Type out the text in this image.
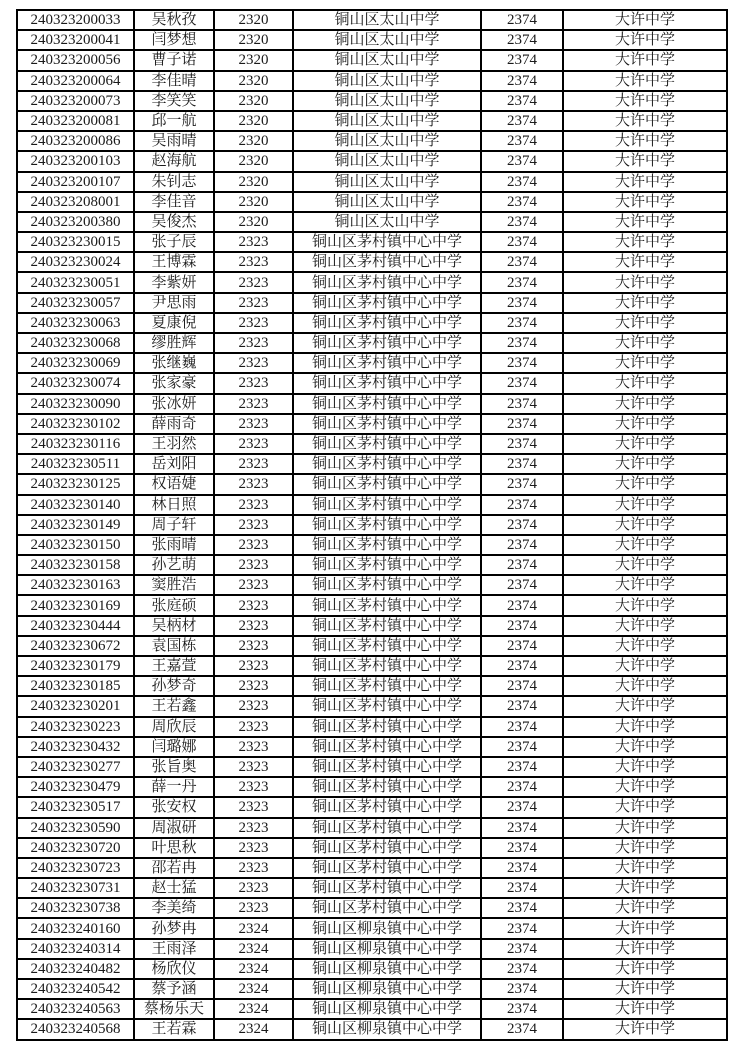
240323200033	吴秋孜	2320	铜山区太山中学	2374	大许中学
240323200041	闫梦想	2320	铜山区太山中学	2374	大许中学
240323200056	曹子诺	2320	铜山区太山中学	2374	大许中学
240323200064	李佳晴	2320	铜山区太山中学	2374	大许中学
240323200073	李笑笑	2320	铜山区太山中学	2374	大许中学
240323200081	邱一航	2320	铜山区太山中学	2374	大许中学
240323200086	吴雨晴	2320	铜山区太山中学	2374	大许中学
240323200103	赵海航	2320	铜山区太山中学	2374	大许中学
240323200107	朱钊志	2320	铜山区太山中学	2374	大许中学
240323208001	李佳音	2320	铜山区太山中学	2374	大许中学
240323200380	吴俊杰	2320	铜山区太山中学	2374	大许中学
240323230015	张子辰	2323	铜山区茅村镇中心中学	2374	大许中学
240323230024	王博霖	2323	铜山区茅村镇中心中学	2374	大许中学
240323230051	李紫妍	2323	铜山区茅村镇中心中学	2374	大许中学
240323230057	尹思雨	2323	铜山区茅村镇中心中学	2374	大许中学
240323230063	夏康倪	2323	铜山区茅村镇中心中学	2374	大许中学
240323230068	缪胜辉	2323	铜山区茅村镇中心中学	2374	大许中学
240323230069	张继巍	2323	铜山区茅村镇中心中学	2374	大许中学
240323230074	张家豪	2323	铜山区茅村镇中心中学	2374	大许中学
240323230090	张冰妍	2323	铜山区茅村镇中心中学	2374	大许中学
240323230102	薛雨奇	2323	铜山区茅村镇中心中学	2374	大许中学
240323230116	王羽然	2323	铜山区茅村镇中心中学	2374	大许中学
240323230511	岳刘阳	2323	铜山区茅村镇中心中学	2374	大许中学
240323230125	权语婕	2323	铜山区茅村镇中心中学	2374	大许中学
240323230140	林日照	2323	铜山区茅村镇中心中学	2374	大许中学
240323230149	周子轩	2323	铜山区茅村镇中心中学	2374	大许中学
240323230150	张雨晴	2323	铜山区茅村镇中心中学	2374	大许中学
240323230158	孙艺萌	2323	铜山区茅村镇中心中学	2374	大许中学
240323230163	窦胜浩	2323	铜山区茅村镇中心中学	2374	大许中学
240323230169	张庭硕	2323	铜山区茅村镇中心中学	2374	大许中学
240323230444	吴柄材	2323	铜山区茅村镇中心中学	2374	大许中学
240323230672	袁国栋	2323	铜山区茅村镇中心中学	2374	大许中学
240323230179	王嘉萱	2323	铜山区茅村镇中心中学	2374	大许中学
240323230185	孙梦奇	2323	铜山区茅村镇中心中学	2374	大许中学
240323230201	王若鑫	2323	铜山区茅村镇中心中学	2374	大许中学
240323230223	周欣辰	2323	铜山区茅村镇中心中学	2374	大许中学
240323230432	闫璐娜	2323	铜山区茅村镇中心中学	2374	大许中学
240323230277	张旨奥	2323	铜山区茅村镇中心中学	2374	大许中学
240323230479	薛一丹	2323	铜山区茅村镇中心中学	2374	大许中学
240323230517	张安权	2323	铜山区茅村镇中心中学	2374	大许中学
240323230590	周淑研	2323	铜山区茅村镇中心中学	2374	大许中学
240323230720	叶思秋	2323	铜山区茅村镇中心中学	2374	大许中学
240323230723	邵若冉	2323	铜山区茅村镇中心中学	2374	大许中学
240323230731	赵士猛	2323	铜山区茅村镇中心中学	2374	大许中学
240323230738	李美绮	2323	铜山区茅村镇中心中学	2374	大许中学
240323240160	孙梦冉	2324	铜山区柳泉镇中心中学	2374	大许中学
240323240314	王雨泽	2324	铜山区柳泉镇中心中学	2374	大许中学
240323240482	杨欣仪	2324	铜山区柳泉镇中心中学	2374	大许中学
240323240542	蔡予涵	2324	铜山区柳泉镇中心中学	2374	大许中学
240323240563	蔡杨乐天	2324	铜山区柳泉镇中心中学	2374	大许中学
240323240568	王若霖	2324	铜山区柳泉镇中心中学	2374	大许中学
